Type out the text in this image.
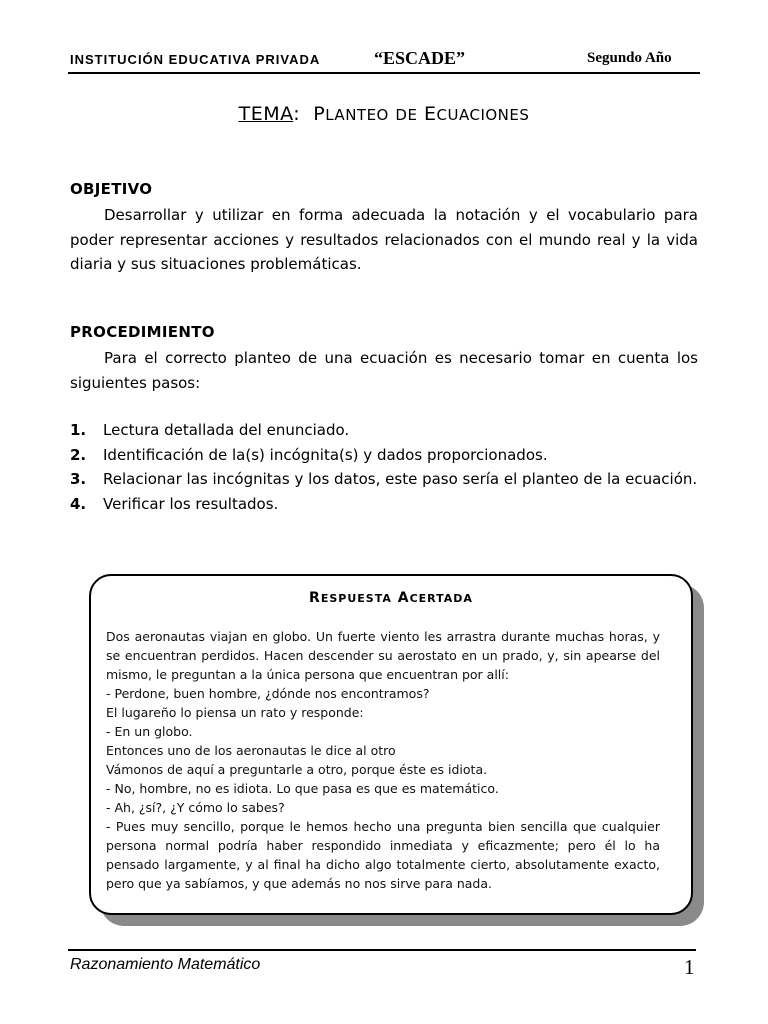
INSTITUCIÓN EDUCATIVA PRIVADA	“ESCADE”	Segundo Año
TEMA: PLANTEO DE ECUACIONES
OBJETIVO
Desarrollar y utilizar en forma adecuada la notación y el vocabulario para poder representar acciones y resultados relacionados con el mundo real y la vida diaria y sus situaciones problemáticas.
PROCEDIMIENTO
Para el correcto planteo de una ecuación es necesario tomar en cuenta los siguientes pasos:
1. Lectura detallada del enunciado.
2. Identificación de la(s) incógnita(s) y dados proporcionados.
3. Relacionar las incógnitas y los datos, este paso sería el planteo de la ecuación.
4. Verificar los resultados.
RESPUESTA ACERTADA
Dos aeronautas viajan en globo. Un fuerte viento les arrastra durante muchas horas, y se encuentran perdidos. Hacen descender su aerostato en un prado, y, sin apearse del mismo, le preguntan a la única persona que encuentran por allí:
- Perdone, buen hombre, ¿dónde nos encontramos?
El lugareño lo piensa un rato y responde:
- En un globo.
Entonces uno de los aeronautas le dice al otro
Vámonos de aquí a preguntarle a otro, porque éste es idiota.
- No, hombre, no es idiota. Lo que pasa es que es matemático.
- Ah, ¿sí?, ¿Y cómo lo sabes?
- Pues muy sencillo, porque le hemos hecho una pregunta bien sencilla que cualquier persona normal podría haber respondido inmediata y eficazmente; pero él lo ha pensado largamente, y al final ha dicho algo totalmente cierto, absolutamente exacto, pero que ya sabíamos, y que además no nos sirve para nada.
Razonamiento Matemático	1
